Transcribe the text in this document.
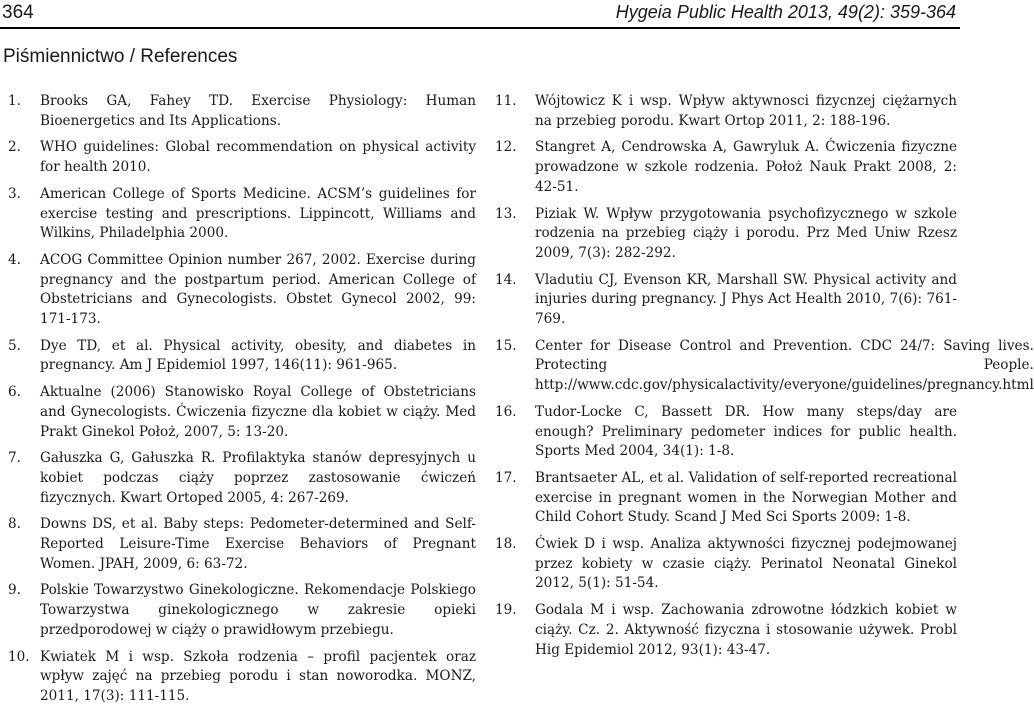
364	Hygeia Public Health 2013, 49(2): 359-364
Piśmiennictwo / References
1.	Brooks GA, Fahey TD. Exercise Physiology: Human Bioenergetics and Its Applications.
2.	WHO guidelines: Global recommendation on physical activity for health 2010.
3.	American College of Sports Medicine. ACSM’s guidelines for exercise testing and prescriptions. Lippincott, Williams and Wilkins, Philadelphia 2000.
4.	ACOG Committee Opinion number 267, 2002. Exercise during pregnancy and the postpartum period. American College of Obstetricians and Gynecologists. Obstet Gynecol 2002, 99: 171-173.
5.	Dye TD, et al. Physical activity, obesity, and diabetes in pregnancy. Am J Epidemiol 1997, 146(11): 961-965.
6.	Aktualne (2006) Stanowisko Royal College of Obstetricians and Gynecologists. Ćwiczenia fizyczne dla kobiet w ciąży. Med Prakt Ginekol Położ, 2007, 5: 13-20.
7.	Gałuszka G, Gałuszka R. Profilaktyka stanów depresyjnych u kobiet podczas ciąży poprzez zastosowanie ćwiczeń fizycznych. Kwart Ortoped 2005, 4: 267-269.
8.	Downs DS, et al. Baby steps: Pedometer-determined and Self-Reported Leisure-Time Exercise Behaviors of Pregnant Women. JPAH, 2009, 6: 63-72.
9.	Polskie Towarzystwo Ginekologiczne. Rekomendacje Polskiego Towarzystwa ginekologicznego w zakresie opieki przedporodowej w ciąży o prawidłowym przebiegu.
10. Kwiatek M i wsp. Szkoła rodzenia – profil pacjentek oraz wpływ zajęć na przebieg porodu i stan noworodka. MONZ, 2011, 17(3): 111-115.
11.	Wójtowicz K i wsp. Wpływ aktywnosci fizycnzej ciężarnych na przebieg porodu. Kwart Ortop 2011, 2: 188-196.
12.	Stangret A, Cendrowska A, Gawryluk A. Ćwiczenia fizyczne prowadzone w szkole rodzenia. Położ Nauk Prakt 2008, 2: 42-51.
13.	Piziak W. Wpływ przygotowania psychofizycznego w szkole rodzenia na przebieg ciąży i porodu. Prz Med Uniw Rzesz 2009, 7(3): 282-292.
14.	Vladutiu CJ, Evenson KR, Marshall SW. Physical activity and injuries during pregnancy. J Phys Act Health 2010, 7(6): 761-769.
15.	Center for Disease Control and Prevention. CDC 24/7: Saving lives. Protecting People. http://www.cdc.gov/physicalactivity/everyone/guidelines/pregnancy.html
16.	Tudor-Locke C, Bassett DR. How many steps/day are enough? Preliminary pedometer indices for public health. Sports Med 2004, 34(1): 1-8.
17.	Brantsaeter AL, et al. Validation of self-reported recreational exercise in pregnant women in the Norwegian Mother and Child Cohort Study. Scand J Med Sci Sports 2009: 1-8.
18.	Ćwiek D i wsp. Analiza aktywności fizycznej podejmowanej przez kobiety w czasie ciąży. Perinatol Neonatal Ginekol 2012, 5(1): 51-54.
19.	Godala M i wsp. Zachowania zdrowotne łódzkich kobiet w ciąży. Cz. 2. Aktywność fizyczna i stosowanie używek. Probl Hig Epidemiol 2012, 93(1): 43-47.
